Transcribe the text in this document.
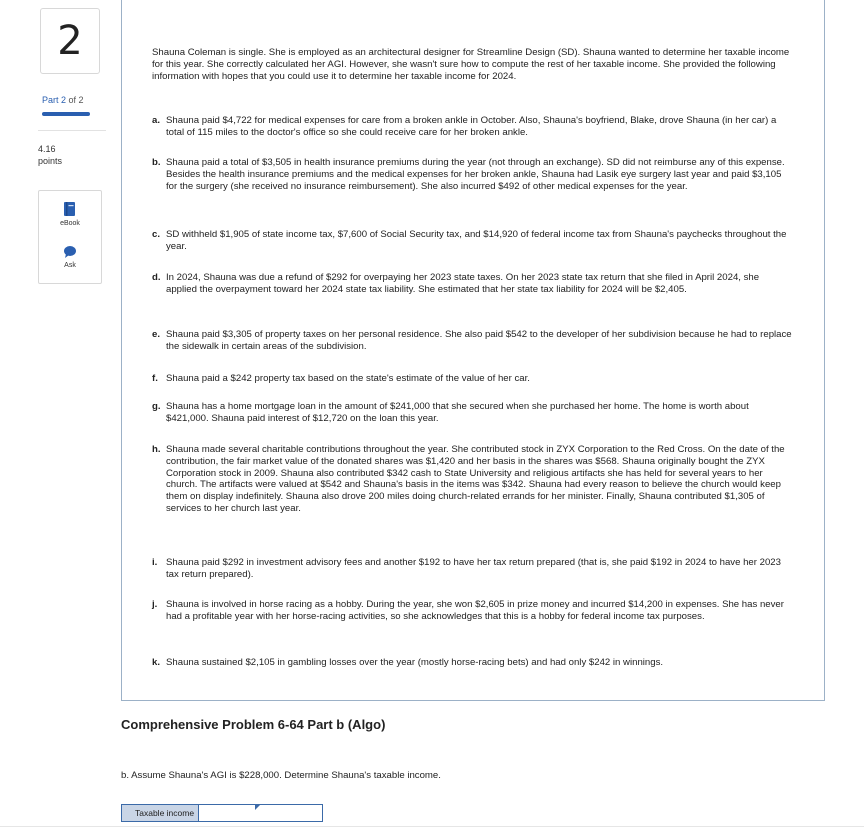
2
Part 2 of 2
4.16
points
eBook
Ask
Shauna Coleman is single. She is employed as an architectural designer for Streamline Design (SD). Shauna wanted to determine her taxable income for this year. She correctly calculated her AGI. However, she wasn't sure how to compute the rest of her taxable income. She provided the following information with hopes that you could use it to determine her taxable income for 2024.
a. Shauna paid $4,722 for medical expenses for care from a broken ankle in October. Also, Shauna's boyfriend, Blake, drove Shauna (in her car) a total of 115 miles to the doctor's office so she could receive care for her broken ankle.
b. Shauna paid a total of $3,505 in health insurance premiums during the year (not through an exchange). SD did not reimburse any of this expense. Besides the health insurance premiums and the medical expenses for her broken ankle, Shauna had Lasik eye surgery last year and paid $3,105 for the surgery (she received no insurance reimbursement). She also incurred $492 of other medical expenses for the year.
c. SD withheld $1,905 of state income tax, $7,600 of Social Security tax, and $14,920 of federal income tax from Shauna's paychecks throughout the year.
d. In 2024, Shauna was due a refund of $292 for overpaying her 2023 state taxes. On her 2023 state tax return that she filed in April 2024, she applied the overpayment toward her 2024 state tax liability. She estimated that her state tax liability for 2024 will be $2,405.
e. Shauna paid $3,305 of property taxes on her personal residence. She also paid $542 to the developer of her subdivision because he had to replace the sidewalk in certain areas of the subdivision.
f. Shauna paid a $242 property tax based on the state's estimate of the value of her car.
g. Shauna has a home mortgage loan in the amount of $241,000 that she secured when she purchased her home. The home is worth about $421,000. Shauna paid interest of $12,720 on the loan this year.
h. Shauna made several charitable contributions throughout the year. She contributed stock in ZYX Corporation to the Red Cross. On the date of the contribution, the fair market value of the donated shares was $1,420 and her basis in the shares was $568. Shauna originally bought the ZYX Corporation stock in 2009. Shauna also contributed $342 cash to State University and religious artifacts she has held for several years to her church. The artifacts were valued at $542 and Shauna's basis in the items was $342. Shauna had every reason to believe the church would keep them on display indefinitely. Shauna also drove 200 miles doing church-related errands for her minister. Finally, Shauna contributed $1,305 of services to her church last year.
i. Shauna paid $292 in investment advisory fees and another $192 to have her tax return prepared (that is, she paid $192 in 2024 to have her 2023 tax return prepared).
j. Shauna is involved in horse racing as a hobby. During the year, she won $2,605 in prize money and incurred $14,200 in expenses. She has never had a profitable year with her horse-racing activities, so she acknowledges that this is a hobby for federal income tax purposes.
k. Shauna sustained $2,105 in gambling losses over the year (mostly horse-racing bets) and had only $242 in winnings.
Comprehensive Problem 6-64 Part b (Algo)
b. Assume Shauna's AGI is $228,000. Determine Shauna's taxable income.
Taxable income
